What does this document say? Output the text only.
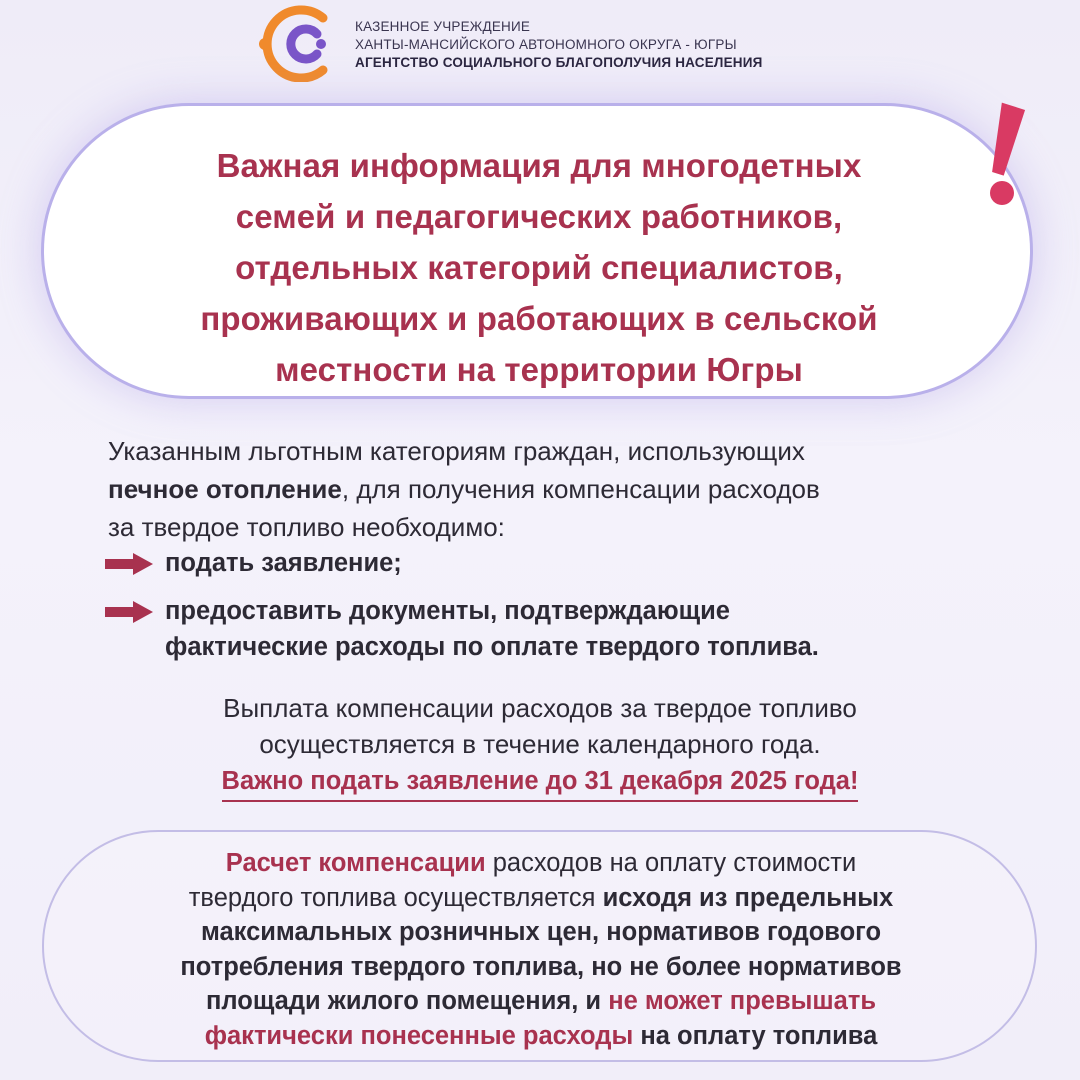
КАЗЕННОЕ УЧРЕЖДЕНИЕ
ХАНТЫ-МАНСИЙСКОГО АВТОНОМНОГО ОКРУГА - ЮГРЫ
АГЕНТСТВО СОЦИАЛЬНОГО БЛАГОПОЛУЧИЯ НАСЕЛЕНИЯ
Важная информация для многодетных
семей и педагогических работников,
отдельных категорий специалистов,
проживающих и работающих в сельской
местности на территории Югры
Указанным льготным категориям граждан, использующих
печное отопление, для получения компенсации расходов
за твердое топливо необходимо:
подать заявление;
предоставить документы, подтверждающие
фактические расходы по оплате твердого топлива.
Выплата компенсации расходов за твердое топливо
осуществляется в течение календарного года.
Важно подать заявление до 31 декабря 2025 года!
Расчет компенсации расходов на оплату стоимости
твердого топлива осуществляется исходя из предельных
максимальных розничных цен, нормативов годового
потребления твердого топлива, но не более нормативов
площади жилого помещения, и не может превышать
фактически понесенные расходы на оплату топлива
